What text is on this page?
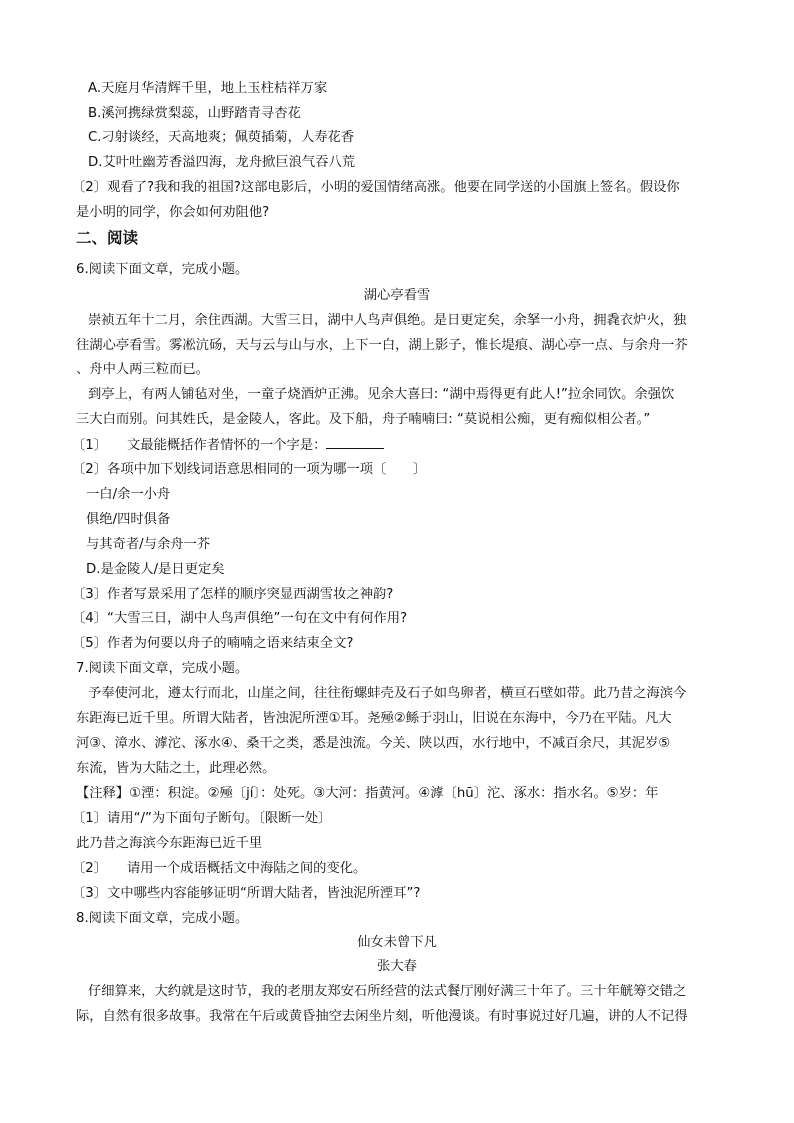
A.天庭月华清辉千里，地上玉柱桔祥万家
B.溪河携绿赏梨蕊，山野踏青寻杏花
C.刁射谈经，天高地爽；佩萸插菊，人寿花香
D.艾叶吐幽芳香溢四海，龙舟掀巨浪气吞八荒
〔2〕观看了?我和我的祖国?这部电影后，小明的爱国情绪高涨。他要在同学送的小国旗上签名。假设你
是小明的同学，你会如何劝阻他?
二、阅读
6.阅读下面文章，完成小题。
湖心亭看雪
崇祯五年十二月，余住西湖。大雪三日，湖中人鸟声俱绝。是日更定矣，余拏一小舟，拥毳衣炉火，独
往湖心亭看雪。雾凇沆砀，天与云与山与水，上下一白，湖上影子，惟长堤痕、湖心亭一点、与余舟一芥
、舟中人两三粒而已。
到亭上，有两人铺毡对坐，一童子烧酒炉正沸。见余大喜曰: “湖中焉得更有此人!”拉余同饮。余强饮
三大白而别。问其姓氏，是金陵人，客此。及下船，舟子喃喃曰: “莫说相公痴，更有痴似相公者。”
〔1〕　　文最能概括作者情怀的一个字是：
〔2〕各项中加下划线词语意思相同的一项为哪一项〔　　〕
一白/余一小舟
俱绝/四时俱备
与其奇者/与余舟一芥
D.是金陵人/是日更定矣
〔3〕作者写景采用了怎样的顺序突显西湖雪妆之神韵?
〔4〕“大雪三日，湖中人鸟声俱绝”一句在文中有何作用?
〔5〕作者为何要以舟子的喃喃之语来结束全文?
7.阅读下面文章，完成小题。
予奉使河北，遵太行而北，山崖之间，往往衔螺蚌壳及石子如鸟卵者，横亘石壁如带。此乃昔之海滨今
东距海已近千里。所谓大陆者，皆浊泥所湮①耳。尧殛②鲧于羽山，旧说在东海中，今乃在平陆。凡大
河③、漳水、滹沱、涿水④、桑干之类，悉是浊流。今关、陕以西，水行地中，不减百余尺，其泥岁⑤
东流，皆为大陆之土，此理必然。
【注释】①湮：积淀。②殛〔jí〕：处死。③大河：指黄河。④滹〔hū〕沱、涿水：指水名。⑤岁：年
〔1〕请用“/”为下面句子断句。〔限断一处〕
此乃昔之海滨今东距海已近千里
〔2〕　　请用一个成语概括文中海陆之间的变化。
〔3〕文中哪些内容能够证明“所谓大陆者，皆浊泥所湮耳”?
8.阅读下面文章，完成小题。
仙女未曾下凡
张大春
仔细算来，大约就是这时节，我的老朋友郑安石所经营的法式餐厅刚好满三十年了。三十年觥筹交错之
际，自然有很多故事。我常在午后或黄昏抽空去闲坐片刻，听他漫谈。有时事说过好几遍，讲的人不记得
